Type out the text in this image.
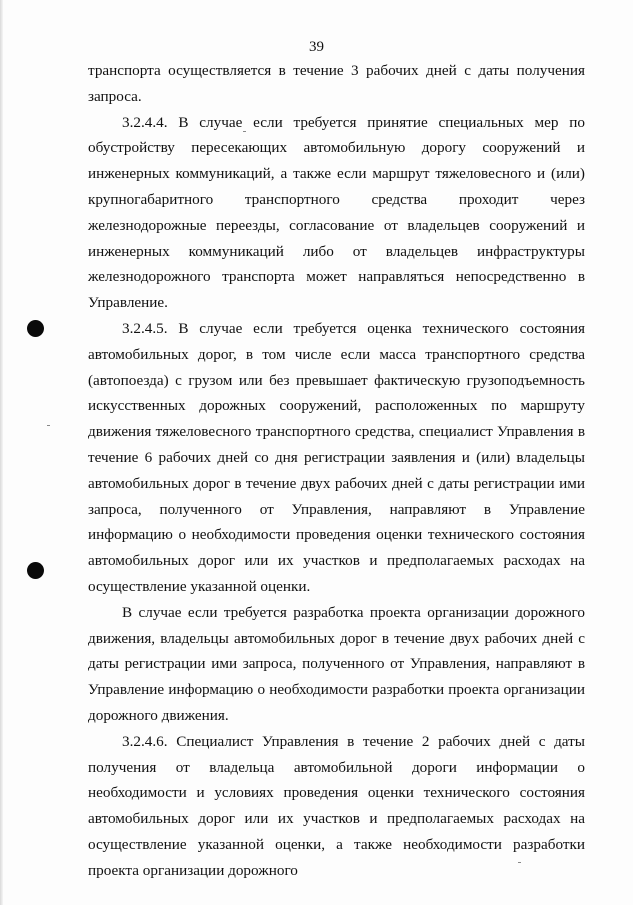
39

транспорта осуществляется в течение 3 рабочих дней с даты получения запроса.

3.2.4.4. В случае если требуется принятие специальных мер по обустройству пересекающих автомобильную дорогу сооружений и инженерных коммуникаций, а также если маршрут тяжеловесного и (или) крупногабаритного транспортного средства проходит через железнодорожные переезды, согласование от владельцев сооружений и инженерных коммуникаций либо от владельцев инфраструктуры железнодорожного транспорта может направляться непосредственно в Управление.

3.2.4.5. В случае если требуется оценка технического состояния автомобильных дорог, в том числе если масса транспортного средства (автопоезда) с грузом или без превышает фактическую грузоподъемность искусственных дорожных сооружений, расположенных по маршруту движения тяжеловесного транспортного средства, специалист Управления в течение 6 рабочих дней со дня регистрации заявления и (или) владельцы автомобильных дорог в течение двух рабочих дней с даты регистрации ими запроса, полученного от Управления, направляют в Управление информацию о необходимости проведения оценки технического состояния автомобильных дорог или их участков и предполагаемых расходах на осуществление указанной оценки.

В случае если требуется разработка проекта организации дорожного движения, владельцы автомобильных дорог в течение двух рабочих дней с даты регистрации ими запроса, полученного от Управления, направляют в Управление информацию о необходимости разработки проекта организации дорожного движения.

3.2.4.6. Специалист Управления в течение 2 рабочих дней с даты получения от владельца автомобильной дороги информации о необходимости и условиях проведения оценки технического состояния автомобильных дорог или их участков и предполагаемых расходах на осуществление указанной оценки, а также необходимости разработки проекта организации дорожного
